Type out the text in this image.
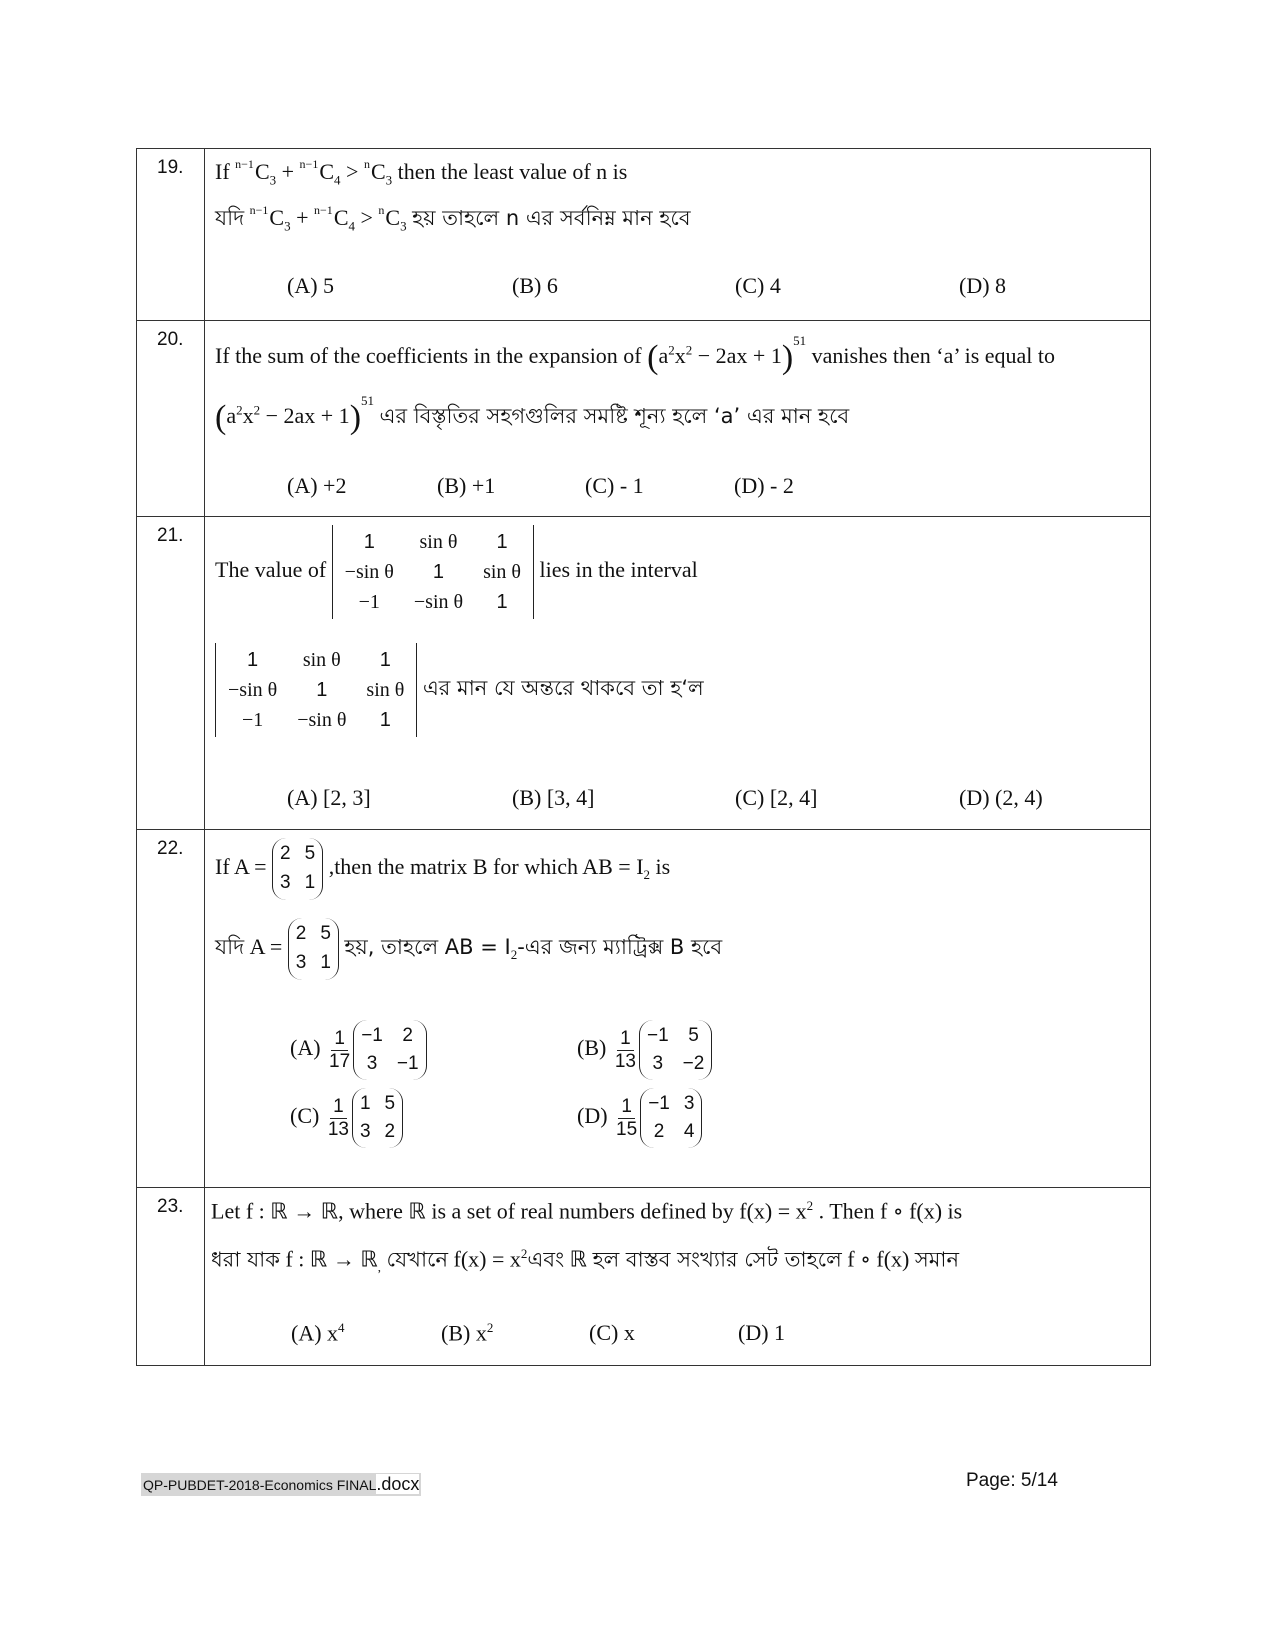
19.	If $^{n-1}C_3 + ^{n-1}C_4 > ^nC_3$ then the least value of n is
যদি $^{n-1}C_3 + ^{n-1}C_4 > ^nC_3$ হয় তাহলে n এর সর্বনিম্ন মান হবে
(A) 5	(B) 6	(C) 4	(D) 8

20.	
If the sum of the coefficients in the expansion of $(a^2x^2 - 2ax + 1)^{51}$ vanishes then ‘a’ is equal to
$(a^2x^2 - 2ax + 1)^{51}$ এর বিস্তৃতির সহগগুলির সমষ্টি শূন্য হলে ‘a’ এর মান হবে
(A) +2	(B) +1	(C) - 1	(D) - 2

21.	
The value of
1	sin θ	1
−sin θ	1	sin θ
−1	−sin θ	1
lies in the interval
1	sin θ	1
−sin θ	1	sin θ
−1	−sin θ	1
এর মান যে অন্তরে থাকবে তা হ‘ল
(A) [2, 3]	(B) [3, 4]	(C) [2, 4]	(D) (2, 4)

22.	
If A =
2	5
3	1
,then the matrix B for which AB = $I_2$ is
যদি A =
2	5
3	1
হয়, তাহলে AB = $I_2-এর$ জন্য ম্যাট্রিক্স B হবে
$(A) \frac{1}{17} -1$	2
3	−1
$(B) \frac{1}{13} -1$	5
3	−2
$(C) \frac{1}{13} 1$	5
3	2
$(D) \frac{1}{15} -1$	3
2	4

23.	Let f : ℝ → ℝ, where ℝ is a set of real numbers defined by $f(x) = x^2$ . Then f ∘ f(x) is
ধরা যাক f : ℝ → ℝ$_,$ যেখানে $f(x) = x^2এবং$ ℝ হল বাস্তব সংখ্যার সেট তাহলে f ∘ f(x) সমান
(A) $x^4$	(B) $x^2$	(C) x	(D) 1
QP-PUBDET-2018-Economics FINAL.docx	Page: 5/14
